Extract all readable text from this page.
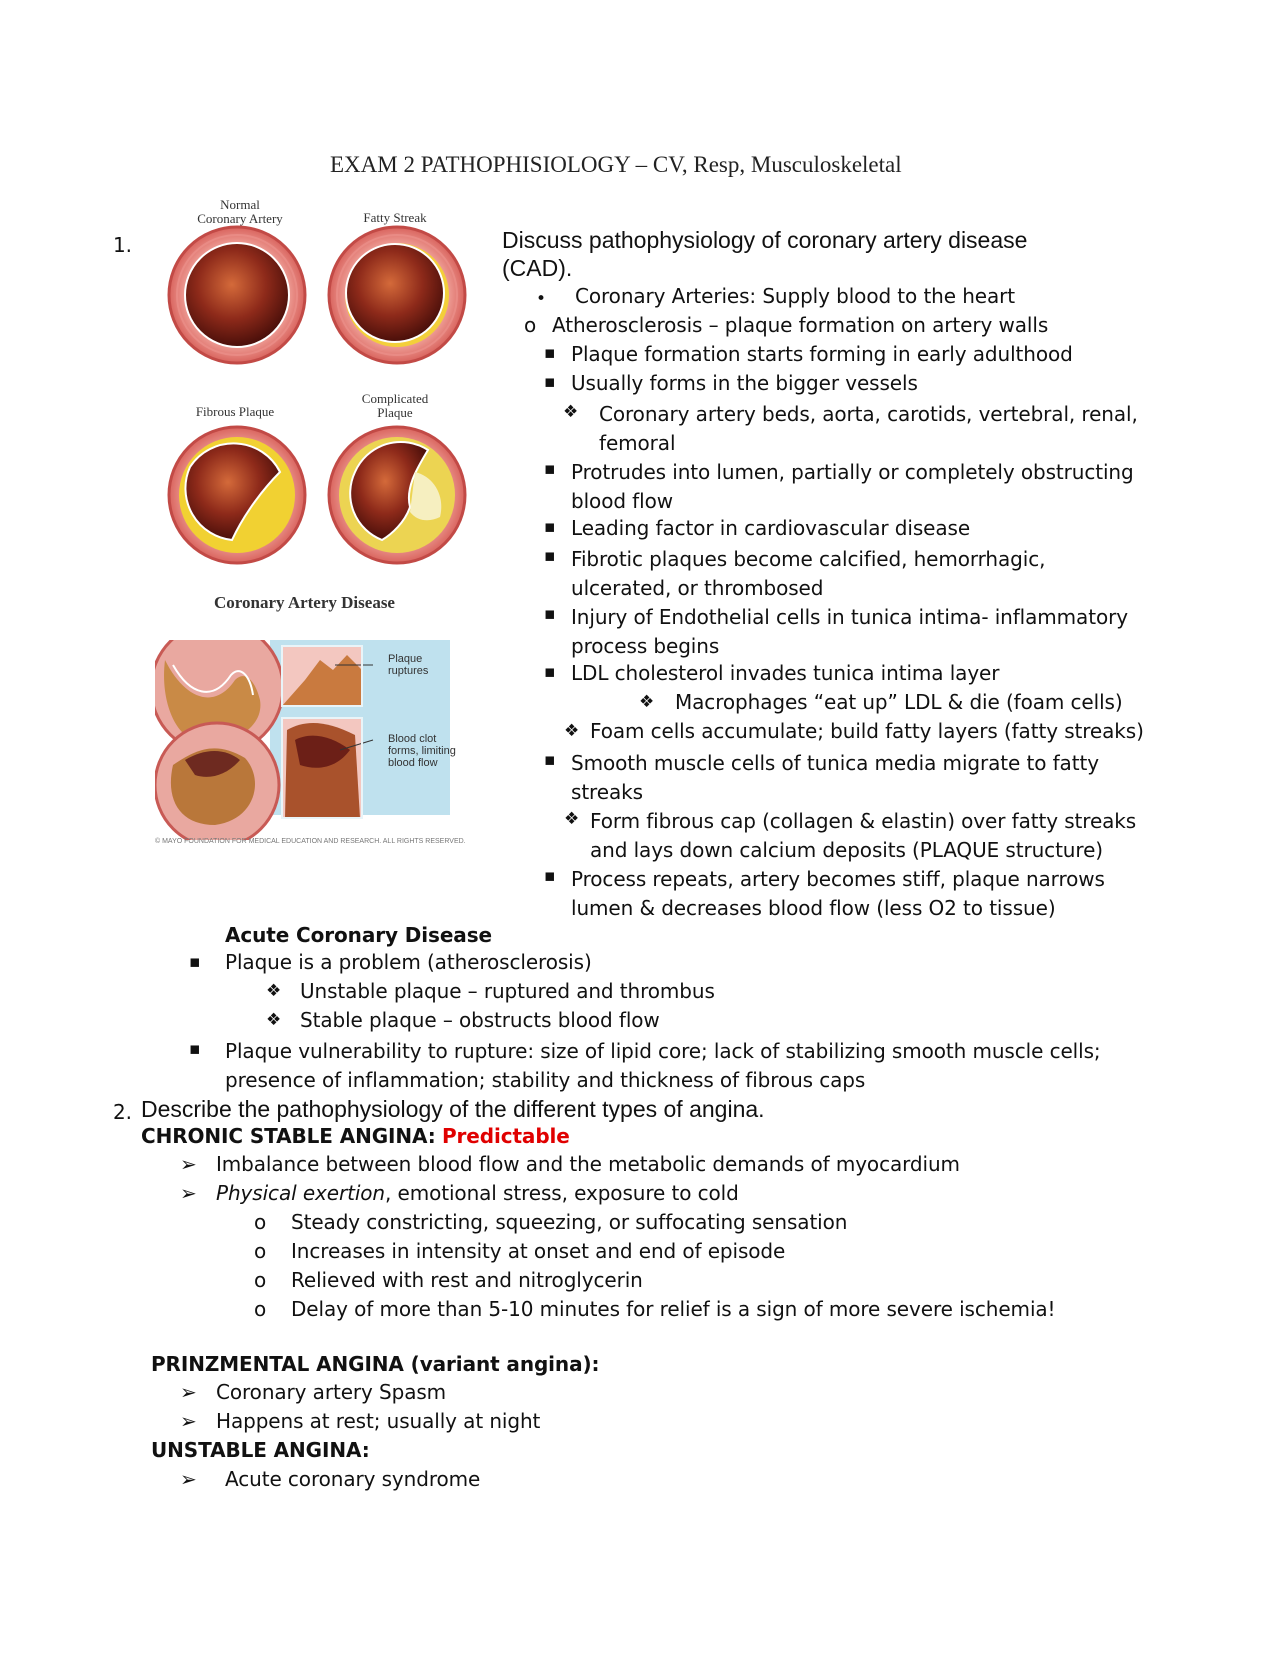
EXAM 2 PATHOPHISIOLOGY – CV, Resp, Musculoskeletal
Normal
Coronary Artery	Fatty Streak
Fibrous Plaque
Complicated
Plaque
Coronary Artery Disease
Plaque
ruptures
Blood clot
forms, limiting
blood flow
© MAYO FOUNDATION FOR MEDICAL EDUCATION AND RESEARCH. ALL RIGHTS RESERVED.
1.	Discuss pathophysiology of coronary artery disease
(CAD).
• Coronary Arteries: Supply blood to the heart
o Atherosclerosis – plaque formation on artery walls
▪ Plaque formation starts forming in early adulthood
▪ Usually forms in the bigger vessels
❖ Coronary artery beds, aorta, carotids, vertebral, renal,
femoral
▪ Protrudes into lumen, partially or completely obstructing
blood flow
▪ Leading factor in cardiovascular disease
▪ Fibrotic plaques become calcified, hemorrhagic,
ulcerated, or thrombosed
▪ Injury of Endothelial cells in tunica intima- inflammatory
process begins
▪ LDL cholesterol invades tunica intima layer
❖ Macrophages “eat up” LDL & die (foam cells)
❖ Foam cells accumulate; build fatty layers (fatty streaks)
▪ Smooth muscle cells of tunica media migrate to fatty
streaks
❖ Form fibrous cap (collagen & elastin) over fatty streaks
and lays down calcium deposits (PLAQUE structure)
▪ Process repeats, artery becomes stiff, plaque narrows
lumen & decreases blood flow (less O2 to tissue)
Acute Coronary Disease
▪ Plaque is a problem (atherosclerosis)
❖ Unstable plaque – ruptured and thrombus
❖ Stable plaque – obstructs blood flow
▪ Plaque vulnerability to rupture: size of lipid core; lack of stabilizing smooth muscle cells;
presence of inflammation; stability and thickness of fibrous caps
2. Describe the pathophysiology of the different types of angina.
CHRONIC STABLE ANGINA: Predictable
➢ Imbalance between blood flow and the metabolic demands of myocardium
➢ Physical exertion, emotional stress, exposure to cold
o Steady constricting, squeezing, or suffocating sensation
o Increases in intensity at onset and end of episode
o Relieved with rest and nitroglycerin
o Delay of more than 5-10 minutes for relief is a sign of more severe ischemia!
PRINZMENTAL ANGINA (variant angina):
➢ Coronary artery Spasm
➢ Happens at rest; usually at night
UNSTABLE ANGINA:
➢ Acute coronary syndrome
